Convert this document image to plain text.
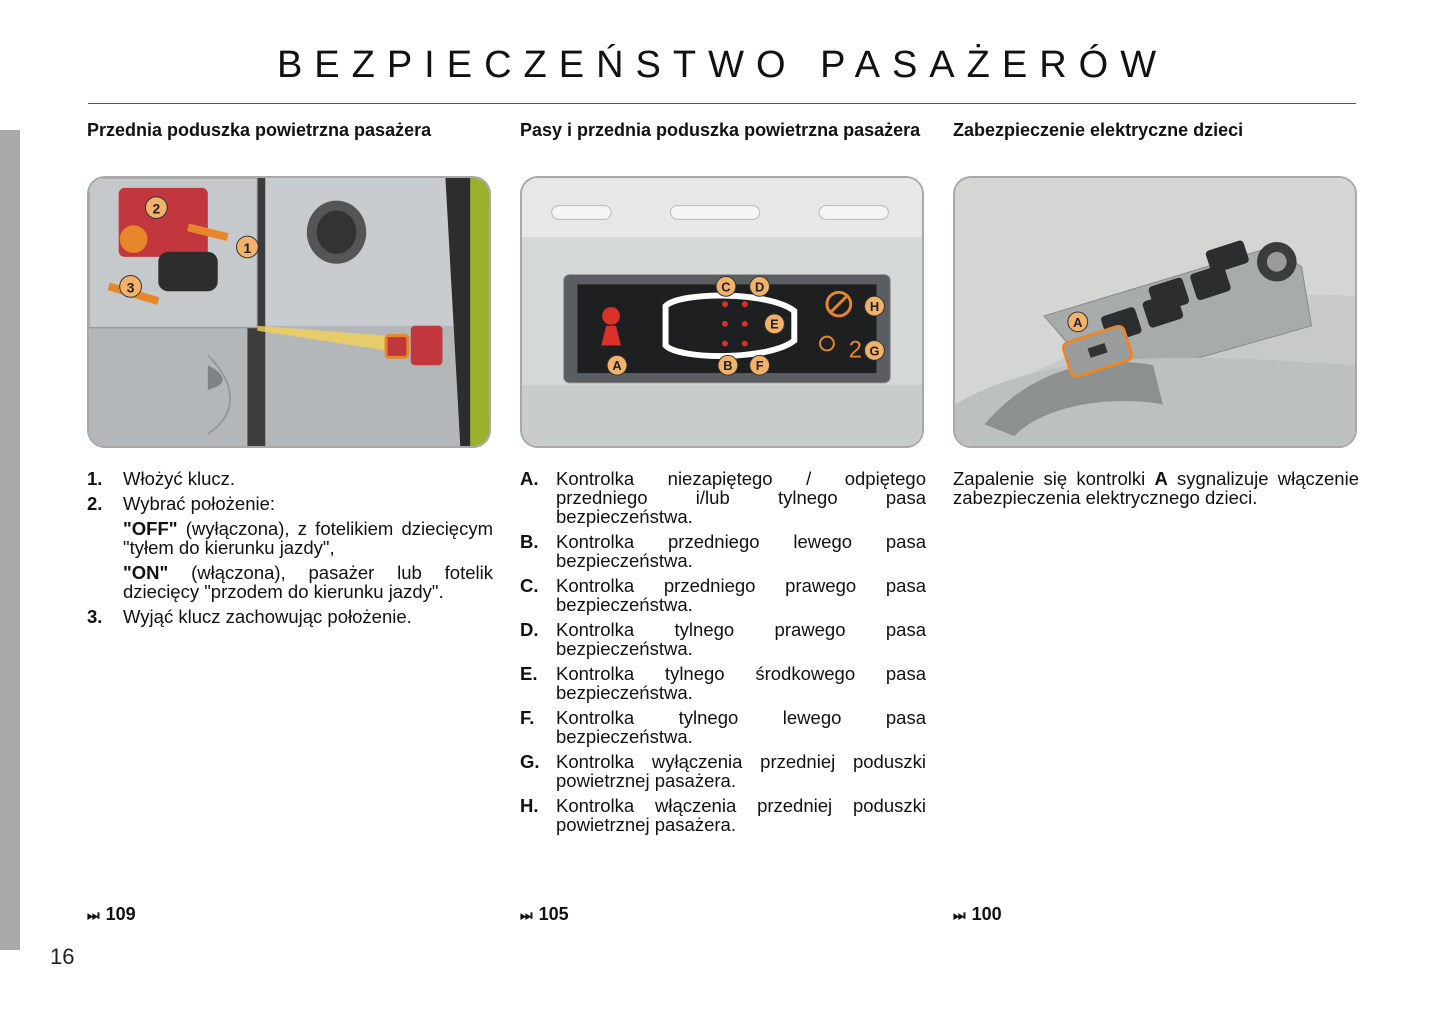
BEZPIECZEŃSTWO PASAŻERÓW
Przednia poduszka powietrzna pasażera
1
2
3
1.	Włożyć klucz.
2.	Wybrać położenie:
"OFF" (wyłączona), z fotelikiem dziecięcym "tyłem do kierunku jazdy",
"ON" (włączona), pasażer lub fotelik dziecięcy "przodem do kierunku jazdy".
3.	Wyjąć klucz zachowując położenie.
⏭ 109
Pasy i przednia poduszka powietrzna pasażera
2
A	B
C D
E
F
G
H
A. Kontrolka niezapiętego / odpiętego przedniego i/lub tylnego pasa bezpieczeństwa.
B. Kontrolka przedniego lewego pasa bezpieczeństwa.
C. Kontrolka przedniego prawego pasa bezpieczeństwa.
D. Kontrolka tylnego prawego pasa bezpieczeństwa.
E.	Kontrolka tylnego środkowego pasa bezpieczeństwa.
F.	Kontrolka tylnego lewego pasa bezpieczeństwa.
G. Kontrolka wyłączenia przedniej poduszki powietrznej pasażera.
H. Kontrolka włączenia przedniej poduszki powietrznej pasażera.
⏭ 105
Zabezpieczenie elektryczne dzieci
A
Zapalenie się kontrolki A sygnalizuje włączenie zabezpieczenia elektrycznego dzieci.
⏭ 100
16
